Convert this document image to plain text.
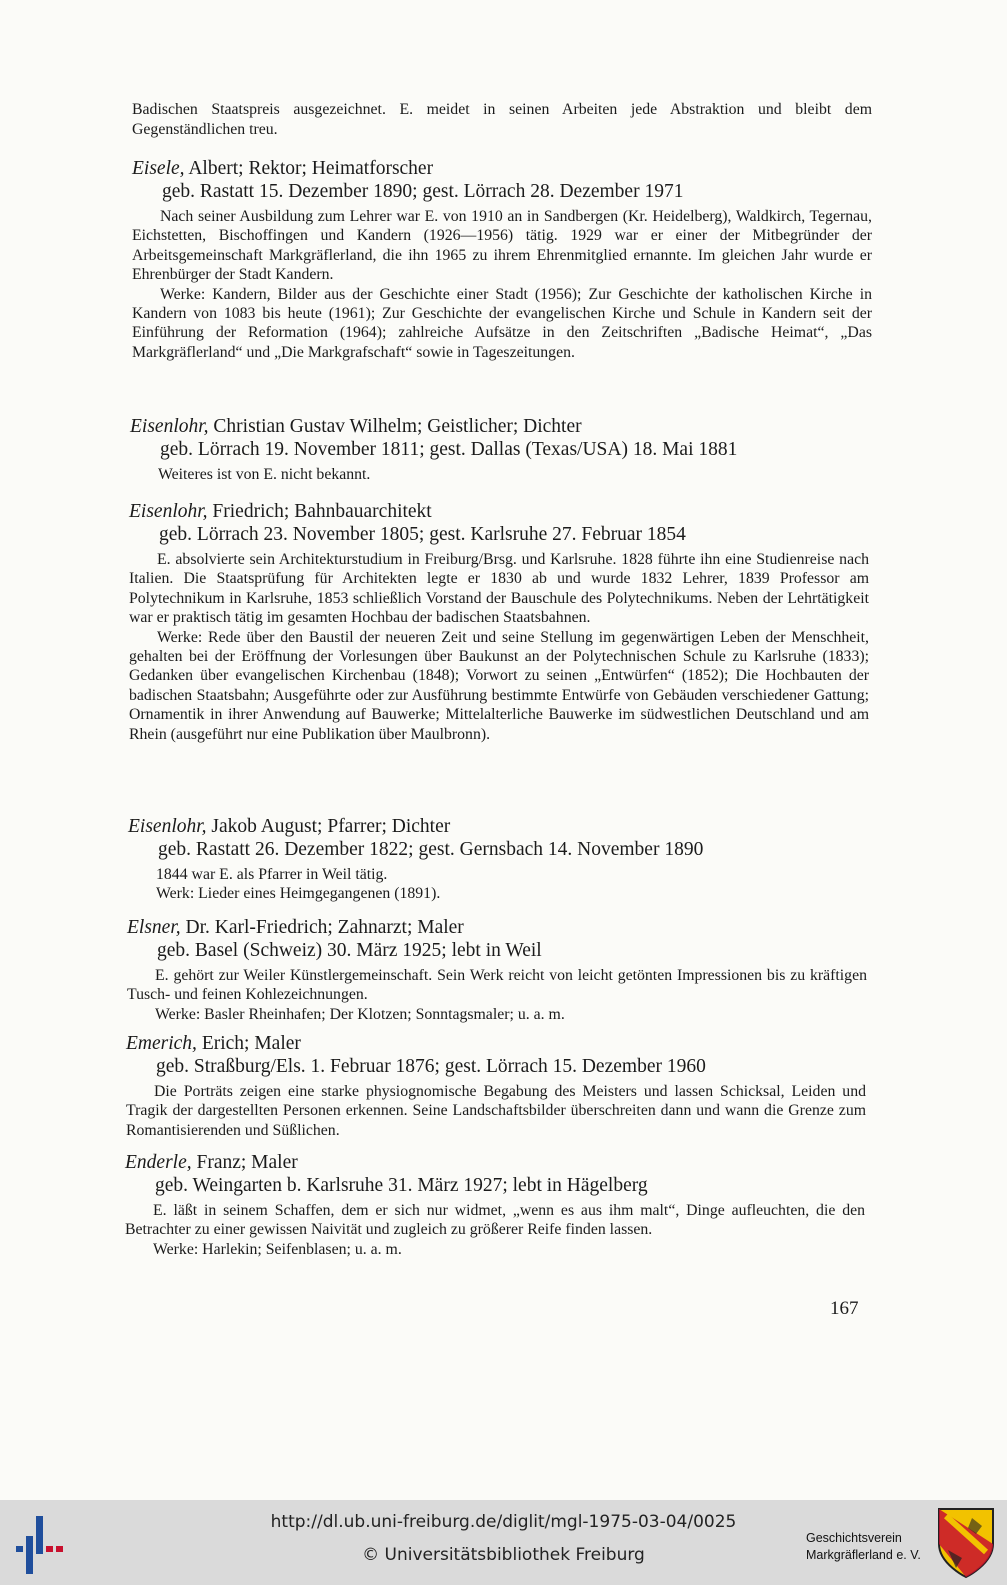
Badischen Staatspreis ausgezeichnet. E. meidet in seinen Arbeiten jede Abstraktion und bleibt dem Gegenständlichen treu.
Eisele, Albert; Rektor; Heimatforscher
geb. Rastatt 15. Dezember 1890; gest. Lörrach 28. Dezember 1971

Nach seiner Ausbildung zum Lehrer war E. von 1910 an in Sandbergen (Kr. Heidelberg), Waldkirch, Tegernau, Eichstetten, Bischoffingen und Kandern (1926—1956) tätig. 1929 war er einer der Mitbegründer der Arbeitsgemeinschaft Markgräflerland, die ihn 1965 zu ihrem Ehrenmitglied ernannte. Im gleichen Jahr wurde er Ehrenbürger der Stadt Kandern.

Werke: Kandern, Bilder aus der Geschichte einer Stadt (1956); Zur Geschichte der katholischen Kirche in Kandern von 1083 bis heute (1961); Zur Geschichte der evangelischen Kirche und Schule in Kandern seit der Einführung der Reformation (1964); zahlreiche Aufsätze in den Zeitschriften „Badische Heimat“, „Das Markgräflerland“ und „Die Markgrafschaft“ sowie in Tageszeitungen.

Eisenlohr, Christian Gustav Wilhelm; Geistlicher; Dichter
geb. Lörrach 19. November 1811; gest. Dallas (Texas/USA) 18. Mai 1881

Weiteres ist von E. nicht bekannt.

Eisenlohr, Friedrich; Bahnbauarchitekt
geb. Lörrach 23. November 1805; gest. Karlsruhe 27. Februar 1854

E. absolvierte sein Architekturstudium in Freiburg/Brsg. und Karlsruhe. 1828 führte ihn eine Studienreise nach Italien. Die Staatsprüfung für Architekten legte er 1830 ab und wurde 1832 Lehrer, 1839 Professor am Polytechnikum in Karlsruhe, 1853 schließlich Vorstand der Bauschule des Polytechnikums. Neben der Lehrtätigkeit war er praktisch tätig im gesamten Hochbau der badischen Staatsbahnen.

Werke: Rede über den Baustil der neueren Zeit und seine Stellung im gegenwärtigen Leben der Menschheit, gehalten bei der Eröffnung der Vorlesungen über Baukunst an der Polytechnischen Schule zu Karlsruhe (1833); Gedanken über evangelischen Kirchenbau (1848); Vorwort zu seinen „Entwürfen“ (1852); Die Hochbauten der badischen Staatsbahn; Ausgeführte oder zur Ausführung bestimmte Entwürfe von Gebäuden verschiedener Gattung; Ornamentik in ihrer Anwendung auf Bauwerke; Mittelalterliche Bauwerke im südwestlichen Deutschland und am Rhein (ausgeführt nur eine Publikation über Maulbronn).

Eisenlohr, Jakob August; Pfarrer; Dichter
geb. Rastatt 26. Dezember 1822; gest. Gernsbach 14. November 1890

1844 war E. als Pfarrer in Weil tätig.

Werk: Lieder eines Heimgegangenen (1891).

Elsner, Dr. Karl-Friedrich; Zahnarzt; Maler
geb. Basel (Schweiz) 30. März 1925; lebt in Weil

E. gehört zur Weiler Künstlergemeinschaft. Sein Werk reicht von leicht getönten Impressionen bis zu kräftigen Tusch- und feinen Kohlezeichnungen.

Werke: Basler Rheinhafen; Der Klotzen; Sonntagsmaler; u. a. m.

Emerich, Erich; Maler
geb. Straßburg/Els. 1. Februar 1876; gest. Lörrach 15. Dezember 1960

Die Porträts zeigen eine starke physiognomische Begabung des Meisters und lassen Schicksal, Leiden und Tragik der dargestellten Personen erkennen. Seine Landschaftsbilder überschreiten dann und wann die Grenze zum Romantisierenden und Süßlichen.

Enderle, Franz; Maler
geb. Weingarten b. Karlsruhe 31. März 1927; lebt in Hägelberg

E. läßt in seinem Schaffen, dem er sich nur widmet, „wenn es aus ihm malt“, Dinge aufleuchten, die den Betrachter zu einer gewissen Naivität und zugleich zu größerer Reife finden lassen.

Werke: Harlekin; Seifenblasen; u. a. m.

167
http://dl.ub.uni-freiburg.de/diglit/mgl-1975-03-04/0025
© Universitätsbibliothek Freiburg
Geschichtsverein
Markgräflerland e. V.
